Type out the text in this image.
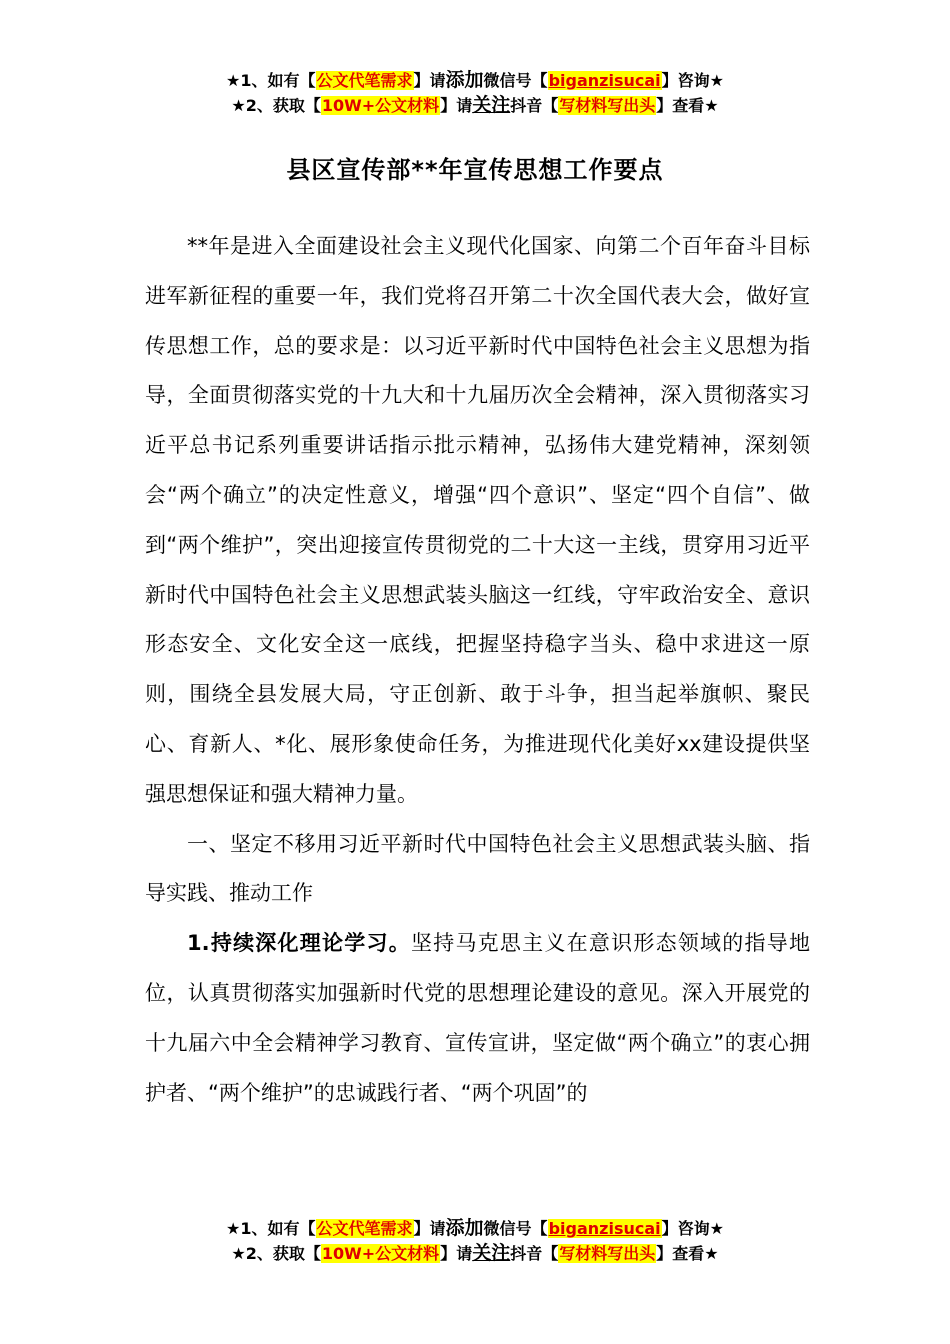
★1、如有【公文代笔需求】请添加微信号【biganzisucai】咨询★
★2、获取【10W+公文材料】请关注抖音【写材料写出头】查看★
县区宣传部**年宣传思想工作要点

**年是进入全面建设社会主义现代化国家、向第二个百年奋斗目标进军新征程的重要一年，我们党将召开第二十次全国代表大会，做好宣传思想工作，总的要求是：以习近平新时代中国特色社会主义思想为指导，全面贯彻落实党的十九大和十九届历次全会精神，深入贯彻落实习近平总书记系列重要讲话指示批示精神，弘扬伟大建党精神，深刻领会“两个确立”的决定性意义，增强“四个意识”、坚定“四个自信”、做到“两个维护”，突出迎接宣传贯彻党的二十大这一主线，贯穿用习近平新时代中国特色社会主义思想武装头脑这一红线，守牢政治安全、意识形态安全、文化安全这一底线，把握坚持稳字当头、稳中求进这一原则，围绕全县发展大局，守正创新、敢于斗争，担当起举旗帜、聚民心、育新人、*化、展形象使命任务，为推进现代化美好xx建设提供坚强思想保证和强大精神力量。

一、坚定不移用习近平新时代中国特色社会主义思想武装头脑、指导实践、推动工作

1.持续深化理论学习。坚持马克思主义在意识形态领域的指导地位，认真贯彻落实加强新时代党的思想理论建设的意见。深入开展党的十九届六中全会精神学习教育、宣传宣讲，坚定做“两个确立”的衷心拥护者、“两个维护”的忠诚践行者、“两个巩固”的

★1、如有【公文代笔需求】请添加微信号【biganzisucai】咨询★
★2、获取【10W+公文材料】请关注抖音【写材料写出头】查看★
